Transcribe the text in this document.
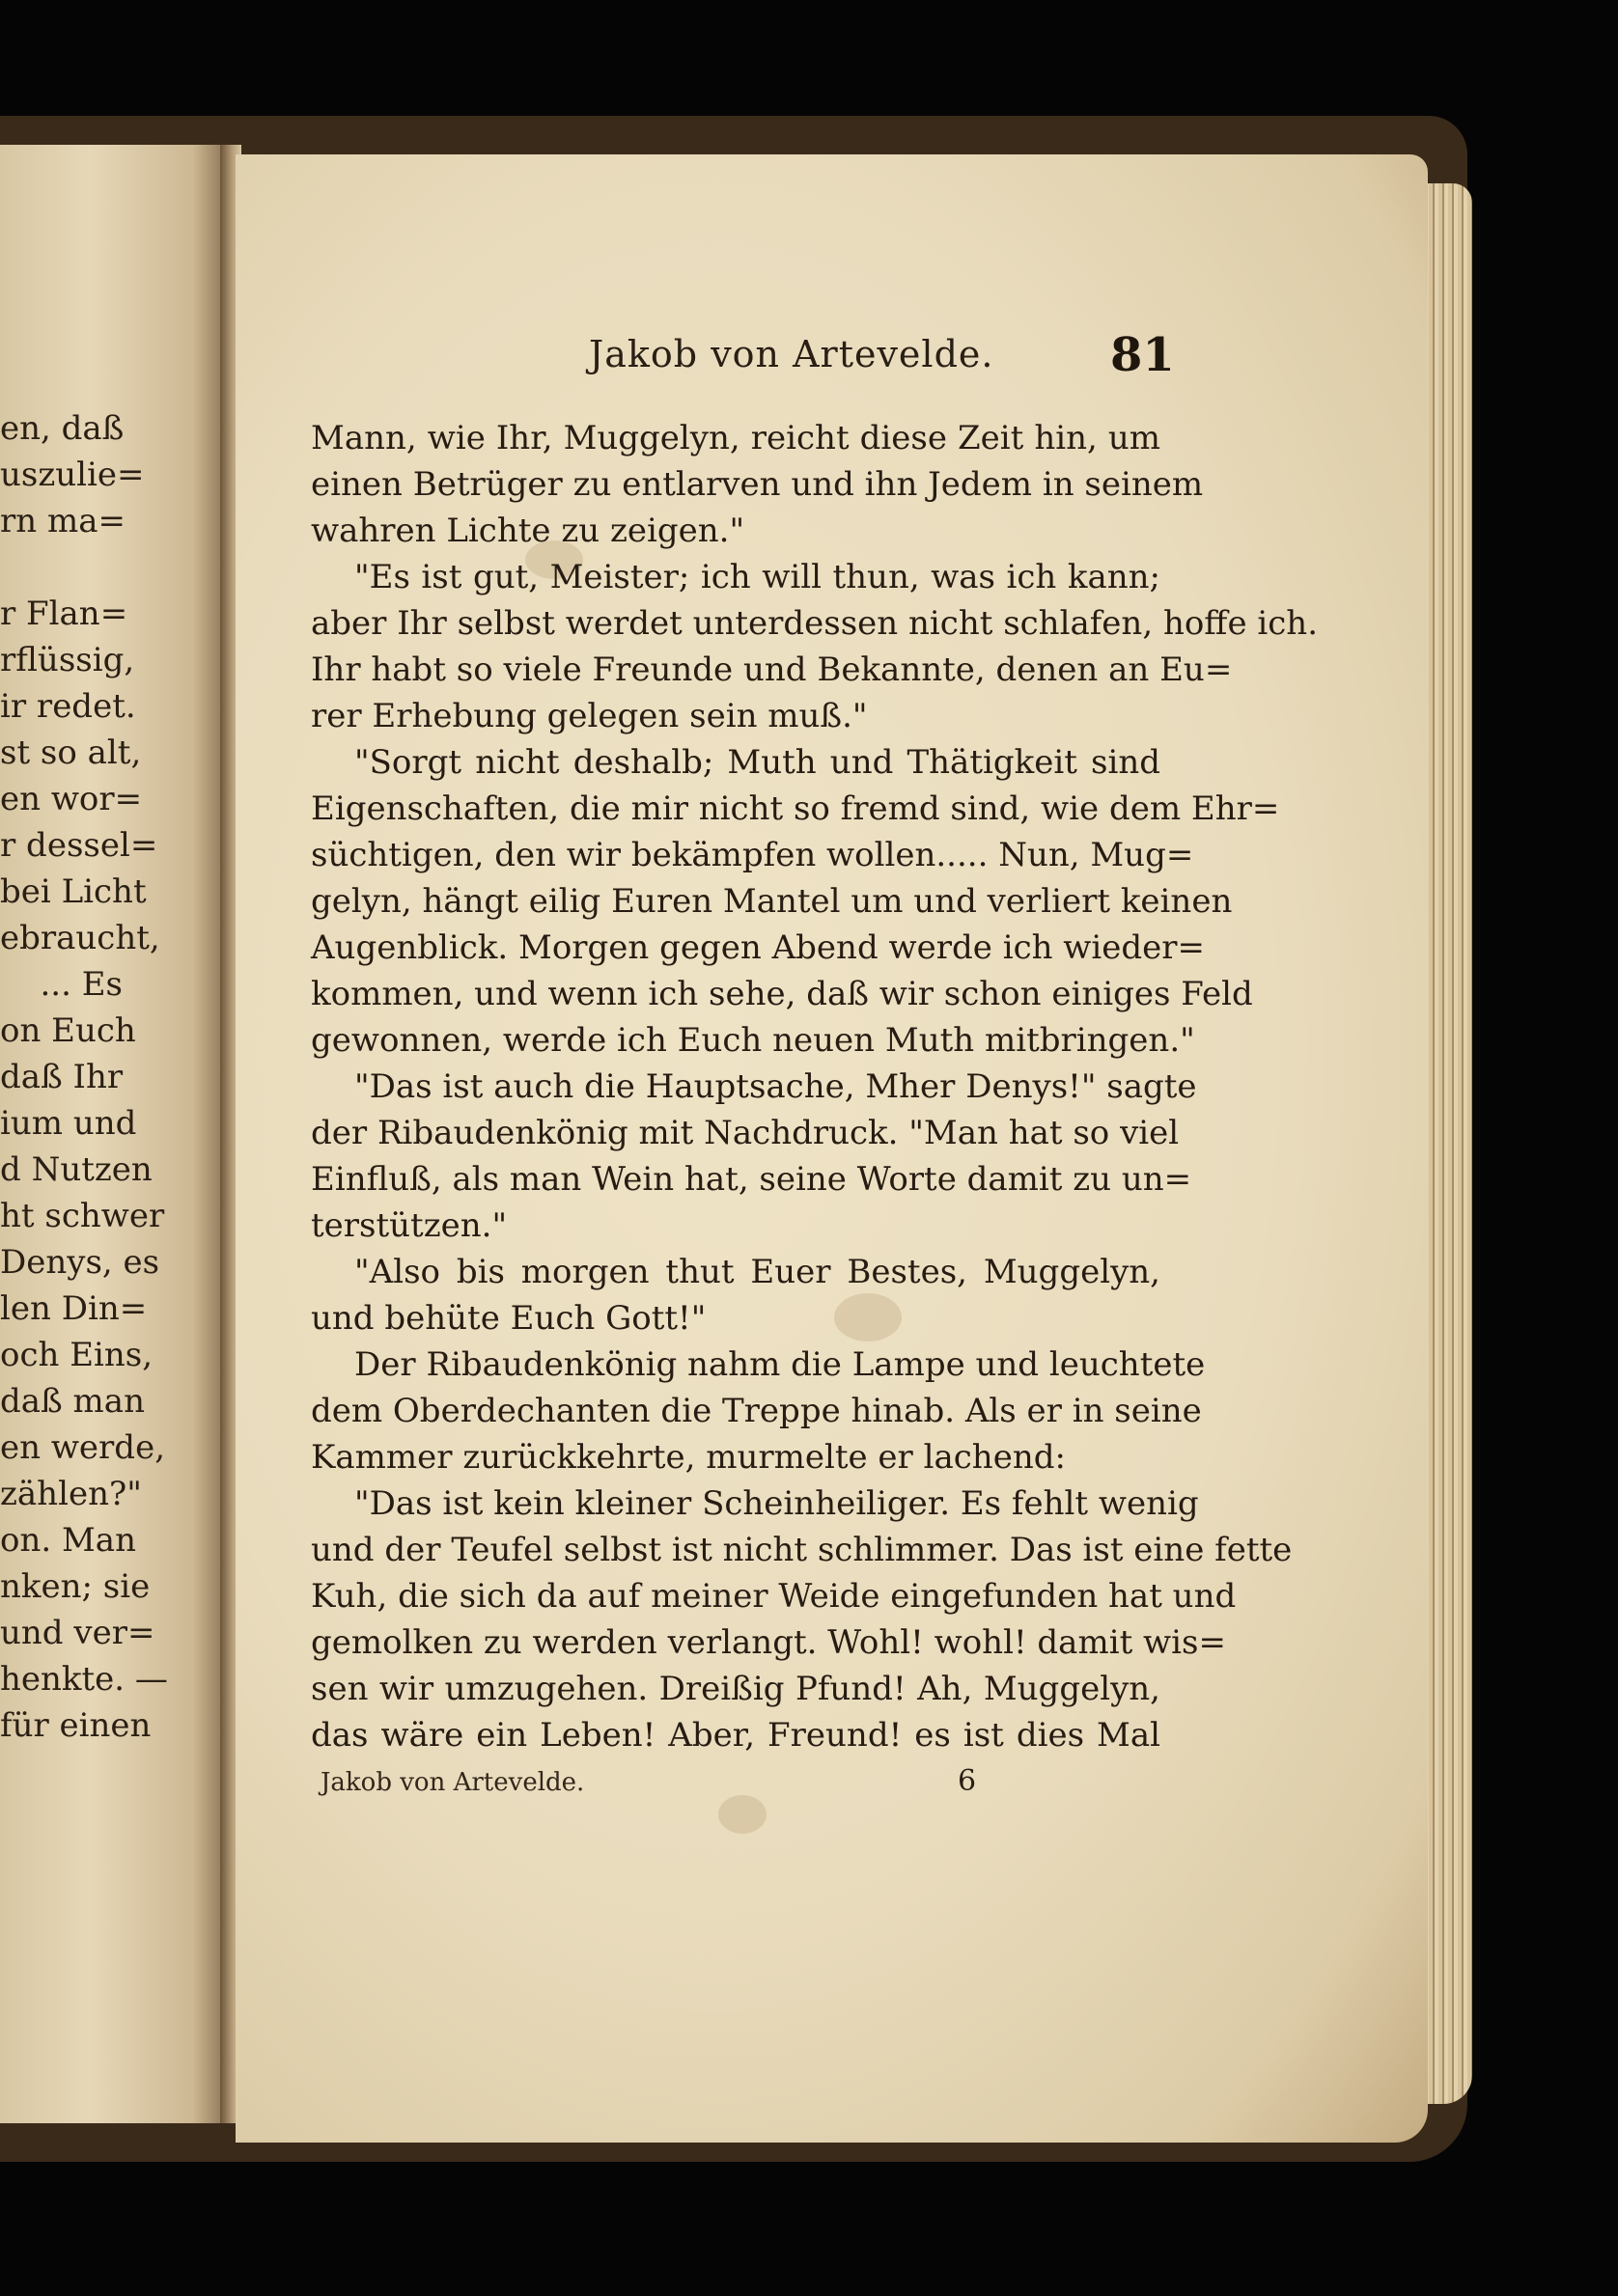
en, daß
uszulie=
rn ma=
r Flan=
rflüssig,
ir redet.
st so alt,
en wor=
r dessel=
bei Licht
ebraucht,
... Es
on Euch
daß Ihr
ium und
d Nutzen
ht schwer
Denys, es
len Din=
och Eins,
daß man
en werde,
zählen?"
on. Man
nken; sie
und ver=
henkte. —
für einen
Jakob von Artevelde.	81
Mann, wie Ihr, Muggelyn, reicht diese Zeit hin, um
einen Betrüger zu entlarven und ihn Jedem in seinem
wahren Lichte zu zeigen."
"Es ist gut, Meister; ich will thun, was ich kann;
aber Ihr selbst werdet unterdessen nicht schlafen, hoffe ich.
Ihr habt so viele Freunde und Bekannte, denen an Eu=
rer Erhebung gelegen sein muß."
"Sorgt nicht deshalb; Muth und Thätigkeit sind
Eigenschaften, die mir nicht so fremd sind, wie dem Ehr=
süchtigen, den wir bekämpfen wollen..... Nun, Mug=
gelyn, hängt eilig Euren Mantel um und verliert keinen
Augenblick. Morgen gegen Abend werde ich wieder=
kommen, und wenn ich sehe, daß wir schon einiges Feld
gewonnen, werde ich Euch neuen Muth mitbringen."
"Das ist auch die Hauptsache, Mher Denys!" sagte
der Ribaudenkönig mit Nachdruck. "Man hat so viel
Einfluß, als man Wein hat, seine Worte damit zu un=
terstützen."
"Also bis morgen thut Euer Bestes, Muggelyn,
und behüte Euch Gott!"
Der Ribaudenkönig nahm die Lampe und leuchtete
dem Oberdechanten die Treppe hinab. Als er in seine
Kammer zurückkehrte, murmelte er lachend:
"Das ist kein kleiner Scheinheiliger. Es fehlt wenig
und der Teufel selbst ist nicht schlimmer. Das ist eine fette
Kuh, die sich da auf meiner Weide eingefunden hat und
gemolken zu werden verlangt. Wohl! wohl! damit wis=
sen wir umzugehen. Dreißig Pfund! Ah, Muggelyn,
das wäre ein Leben! Aber, Freund! es ist dies Mal
Jakob von Artevelde.	6
